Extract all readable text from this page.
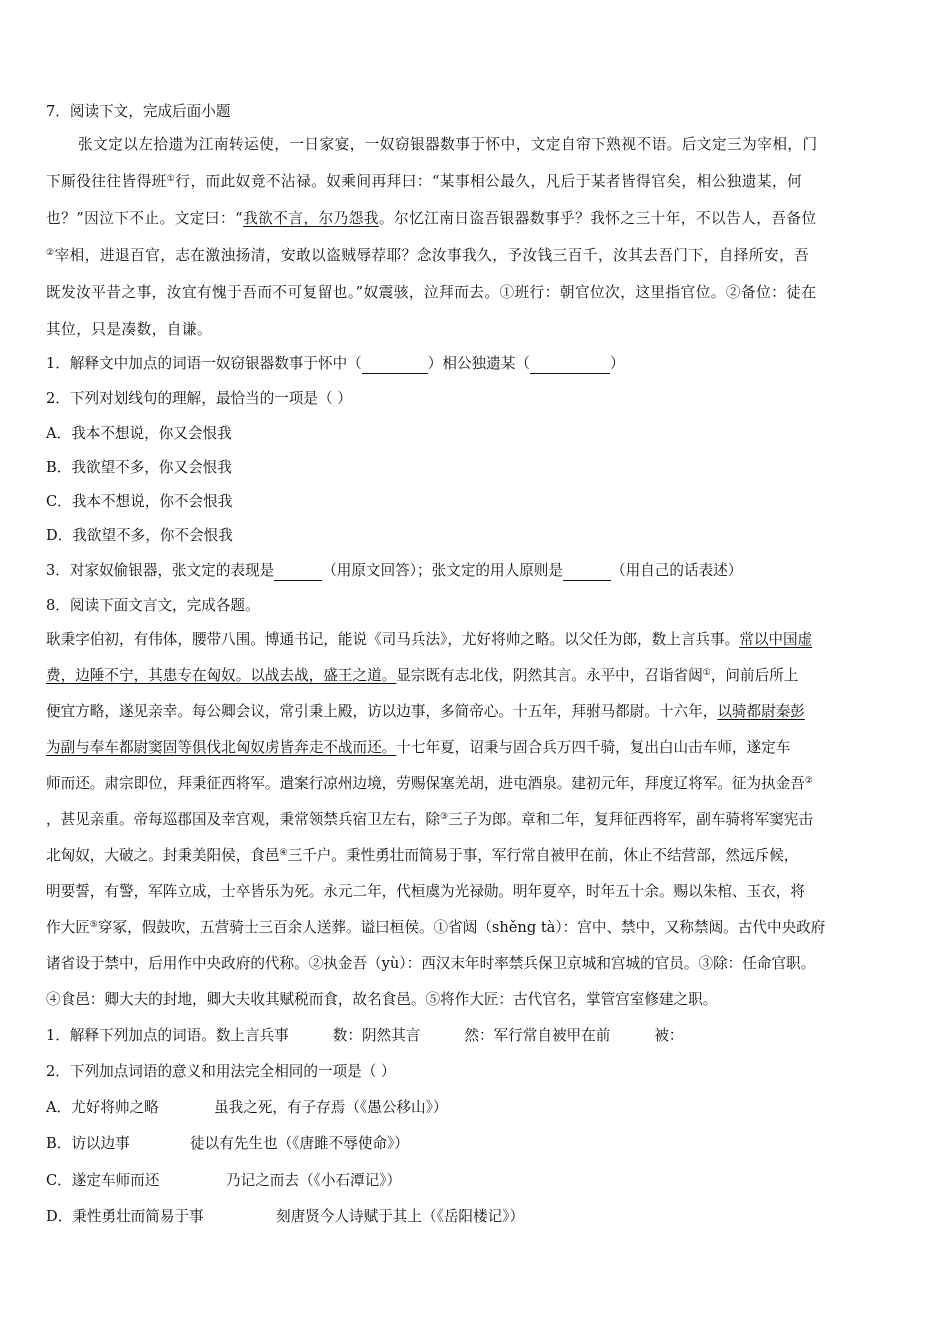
7．阅读下文，完成后面小题
张文定以左拾遗为江南转运使，一日家宴，一奴窃银器数事于怀中，文定自帘下熟视不语。后文定三为宰相，门
下厮役往往皆得班①行，而此奴竟不沾禄。奴乘间再拜曰：“某事相公最久，凡后于某者皆得官矣，相公独遗某，何
也？”因泣下不止。文定曰：“我欲不言，尔乃怨我。尔忆江南日盗吾银器数事乎？我怀之三十年，不以告人，吾备位
②宰相，进退百官，志在激浊扬清，安敢以盗贼辱荐耶？念汝事我久，予汝钱三百千，汝其去吾门下，自择所安，吾
既发汝平昔之事，汝宜有愧于吾而不可复留也。”奴震骇，泣拜而去。①班行：朝官位次，这里指官位。②备位：徒在
其位，只是凑数，自谦。
1．解释文中加点的词语一奴窃银器数事于怀中（	）相公独遗某（	）
2．下列对划线句的理解，最恰当的一项是（ ）
A．我本不想说，你又会恨我
B．我欲望不多，你又会恨我
C．我本不想说，你不会恨我
D．我欲望不多，你不会恨我
3．对家奴偷银器，张文定的表现是	（用原文回答）；张文定的用人原则是	（用自己的话表述）
8．阅读下面文言文，完成各题。
耿秉字伯初，有伟体，腰带八围。博通书记，能说《司马兵法》，尤好将帅之略。以父任为郎，数上言兵事。常以中国虚
费，边陲不宁，其患专在匈奴。以战去战，盛王之道。显宗既有志北伐，阴然其言。永平中，召诣省闼①，问前后所上
便宜方略，遂见亲幸。每公卿会议，常引秉上殿，访以边事，多简帝心。十五年，拜驸马都尉。十六年，以骑都尉秦彭
为副与奉车都尉窦固等俱伐北匈奴虏皆奔走不战而还。十七年夏，诏秉与固合兵万四千骑，复出白山击车师，遂定车
师而还。肃宗即位，拜秉征西将军。遣案行凉州边境，劳赐保塞羌胡，进屯酒泉。建初元年，拜度辽将军。征为执金吾②
，甚见亲重。帝每巡郡国及幸宫观，秉常领禁兵宿卫左右，除③三子为郎。章和二年，复拜征西将军，副车骑将军窦宪击
北匈奴，大破之。封秉美阳侯，食邑④三千户。秉性勇壮而简易于事，军行常自被甲在前，休止不结营部，然远斥候，
明要誓，有警，军阵立成，士卒皆乐为死。永元二年，代桓虞为光禄勋。明年夏卒，时年五十余。赐以朱棺、玉衣，将
作大匠⑤穿冢，假鼓吹，五营骑士三百余人送葬。谥曰桓侯。①省闼（shěng tà）：宫中、禁中，又称禁闼。古代中央政府
诸省设于禁中，后用作中央政府的代称。②执金吾（yù）：西汉末年时率禁兵保卫京城和宫城的官员。③除：任命官职。
④食邑：卿大夫的封地，卿大夫收其赋税而食，故名食邑。⑤将作大匠：古代官名，掌管宫室修建之职。
1．解释下列加点的词语。数上言兵事	数：阴然其言	然：军行常自被甲在前	被：
2．下列加点词语的意义和用法完全相同的一项是（ ）
A．尤好将帅之略	虽我之死，有子存焉（《愚公移山》）
B．访以边事	徒以有先生也（《唐雎不辱使命》）
C．遂定车师而还	乃记之而去（《小石潭记》）
D．秉性勇壮而简易于事	刻唐贤今人诗赋于其上（《岳阳楼记》）
